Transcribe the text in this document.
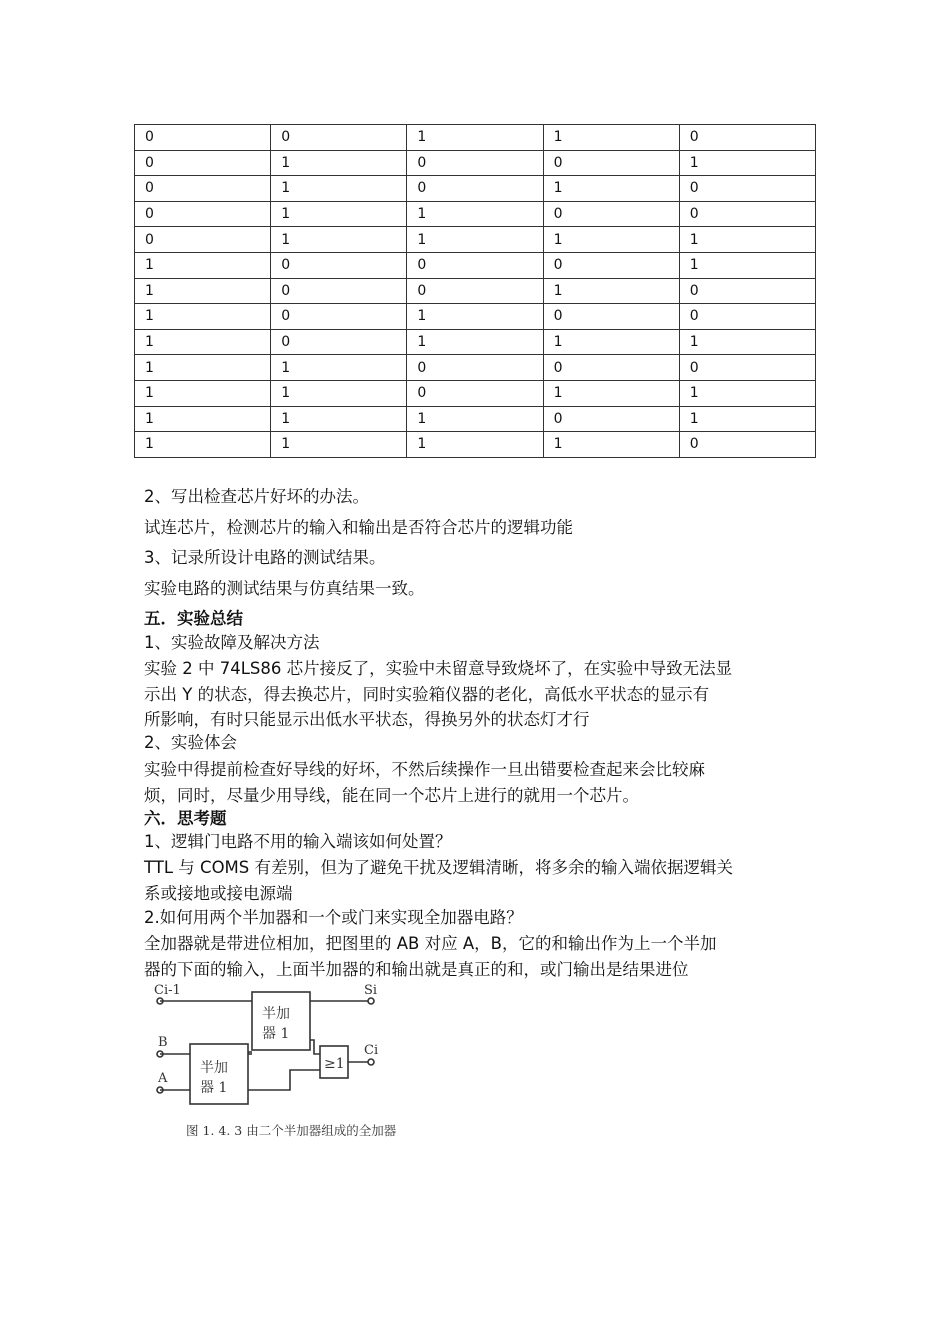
0	0	1	1	0
0	1	0	0	1
0	1	0	1	0
0	1	1	0	0
0	1	1	1	1
1	0	0	0	1
1	0	0	1	0
1	0	1	0	0
1	0	1	1	1
1	1	0	0	0
1	1	0	1	1
1	1	1	0	1
1	1	1	1	0
2、写出检查芯片好坏的办法。
试连芯片，检测芯片的输入和输出是否符合芯片的逻辑功能
3、记录所设计电路的测试结果。
实验电路的测试结果与仿真结果一致。
五．实验总结
1、实验故障及解决方法
实验 2 中 74LS86 芯片接反了，实验中未留意导致烧坏了，在实验中导致无法显
示出 Y 的状态，得去换芯片，同时实验箱仪器的老化，高低水平状态的显示有
所影响，有时只能显示出低水平状态，得换另外的状态灯才行
2、实验体会
实验中得提前检查好导线的好坏，不然后续操作一旦出错要检查起来会比较麻
烦，同时，尽量少用导线，能在同一个芯片上进行的就用一个芯片。
六．思考题
1、逻辑门电路不用的输入端该如何处置？
TTL 与 COMS 有差别，但为了避免干扰及逻辑清晰，将多余的输入端依据逻辑关
系或接地或接电源端
2.如何用两个半加器和一个或门来实现全加器电路？
全加器就是带进位相加，把图里的 AB 对应 A，B，它的和输出作为上一个半加
器的下面的输入，上面半加器的和输出就是真正的和，或门输出是结果进位
Ci-1	Si
B
A
Ci
半加
器 1
半加
器 1
≥1
图 1. 4. 3 由二个半加器组成的全加器
